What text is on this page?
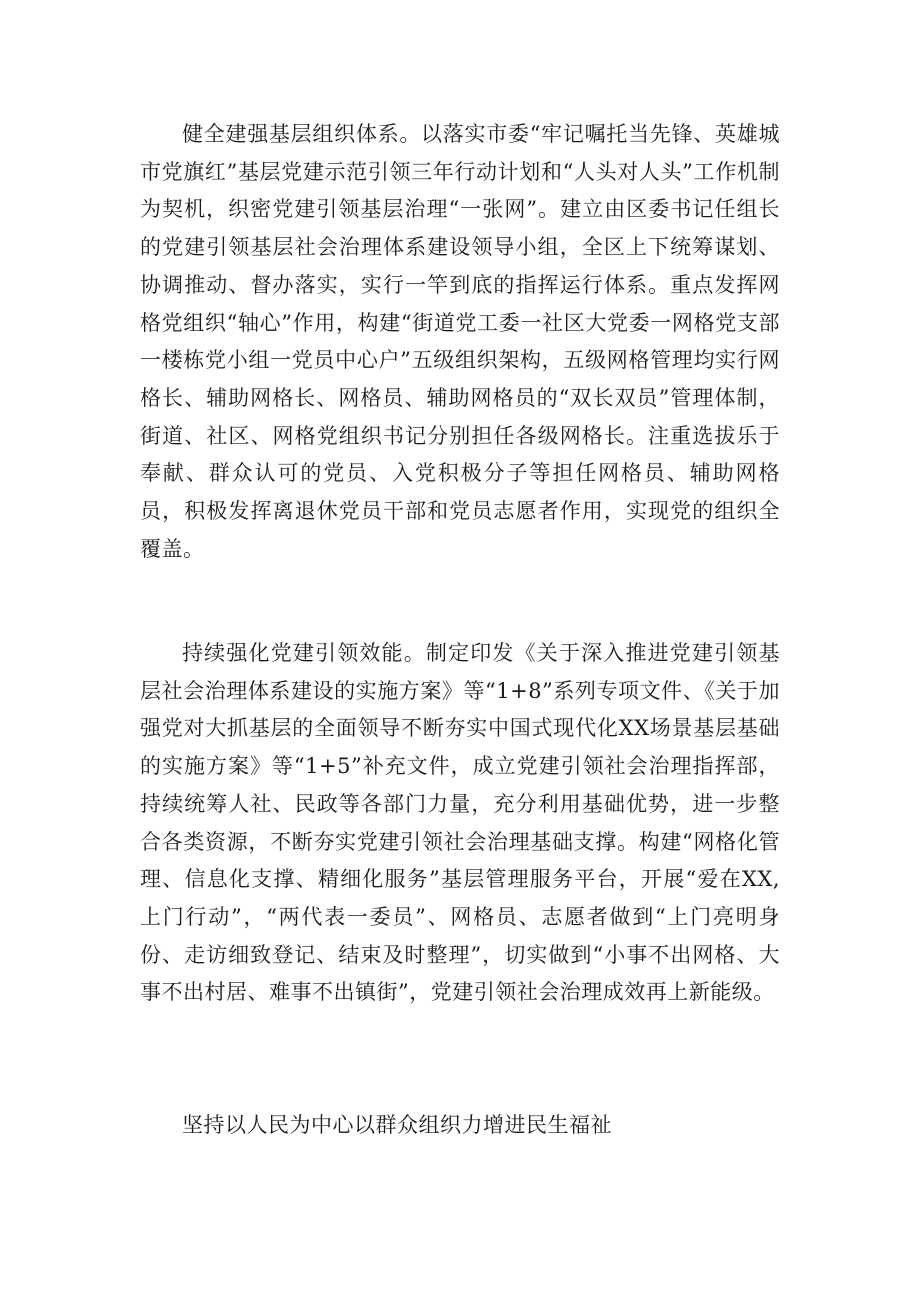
健全建强基层组织体系。以落实市委“牢记嘱托当先锋、英雄城市党旗红”基层党建示范引领三年行动计划和“人头对人头”工作机制为契机，织密党建引领基层治理“一张网”。建立由区委书记任组长的党建引领基层社会治理体系建设领导小组，全区上下统筹谋划、协调推动、督办落实，实行一竿到底的指挥运行体系。重点发挥网格党组织“轴心”作用，构建“街道党工委一社区大党委一网格党支部一楼栋党小组一党员中心户”五级组织架构，五级网格管理均实行网格长、辅助网格长、网格员、辅助网格员的“双长双员”管理体制，街道、社区、网格党组织书记分别担任各级网格长。注重选拔乐于奉献、群众认可的党员、入党积极分子等担任网格员、辅助网格员，积极发挥离退休党员干部和党员志愿者作用，实现党的组织全覆盖。

持续强化党建引领效能。制定印发《关于深入推进党建引领基层社会治理体系建设的实施方案》等“1+8”系列专项文件、《关于加强党对大抓基层的全面领导不断夯实中国式现代化XX场景基层基础的实施方案》等“1+5”补充文件，成立党建引领社会治理指挥部，持续统筹人社、民政等各部门力量，充分利用基础优势，进一步整合各类资源，不断夯实党建引领社会治理基础支撑。构建“网格化管理、信息化支撑、精细化服务”基层管理服务平台，开展“爱在XX,上门行动”，“两代表一委员”、网格员、志愿者做到“上门亮明身份、走访细致登记、结束及时整理”，切实做到“小事不出网格、大事不出村居、难事不出镇街”，党建引领社会治理成效再上新能级。

坚持以人民为中心以群众组织力增进民生福祉
